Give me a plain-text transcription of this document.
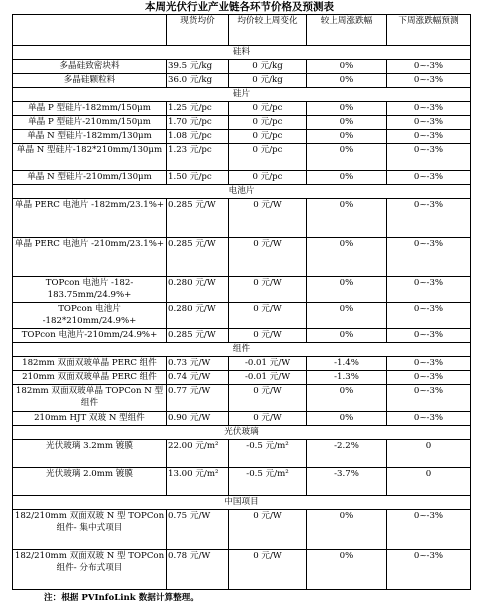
本周光伏行业产业链各环节价格及预测表
	现货均价	均价较上周变化	较上周涨跌幅	下周涨跌幅预测
硅料				
多晶硅致密块料	39.5 元/kg	0 元/kg	0%	0~-3%
多晶硅颗粒料	36.0 元/kg	0 元/kg	0%	0~-3%
硅片				
单晶 P 型硅片-182mm/150μm	1.25 元/pc	0 元/pc	0%	0~-3%
单晶 P 型硅片-210mm/150μm	1.70 元/pc	0 元/pc	0%	0~-3%
单晶 N 型硅片-182mm/130μm	1.08 元/pc	0 元/pc	0%	0~-3%
单晶 N 型硅片-182*210mm/130μm	1.23 元/pc	0 元/pc	0%	0~-3%
单晶 N 型硅片-210mm/130μm	1.50 元/pc	0 元/pc	0%	0~-3%
电池片				
单晶 PERC 电池片 -182mm/23.1%+	0.285 元/W	0 元/W	0%	0~-3%
单晶 PERC 电池片 -210mm/23.1%+	0.285 元/W	0 元/W	0%	0~-3%
TOPcon 电池片 -182-183.75mm/24.9%+	0.280 元/W	0 元/W	0%	0~-3%
TOPcon 电池片 -182*210mm/24.9%+	0.280 元/W	0 元/W	0%	0~-3%
TOPcon 电池片-210mm/24.9%+	0.285 元/W	0 元/W	0%	0~-3%
组件				
182mm 双面双玻单晶 PERC 组件	0.73 元/W	-0.01 元/W	-1.4%	0~-3%
210mm 双面双玻单晶 PERC 组件	0.74 元/W	-0.01 元/W	-1.3%	0~-3%
182mm 双面双玻单晶 TOPCon N 型组件	0.77 元/W	0 元/W	0%	0~-3%
210mm HJT 双玻 N 型组件	0.90 元/W	0 元/W	0%	0~-3%
光伏玻璃				
光伏玻璃 3.2mm 镀膜	22.00 元/m²	-0.5 元/m²	-2.2%	0
光伏玻璃 2.0mm 镀膜	13.00 元/m²	-0.5 元/m²	-3.7%	0
中国项目				
182/210mm 双面双玻 N 型 TOPCon 组件- 集中式项目	0.75 元/W	0 元/W	0%	0~-3%
182/210mm 双面双玻 N 型 TOPCon 组件- 分布式项目	0.78 元/W	0 元/W	0%	0~-3%
注：根据 PVInfoLink 数据计算整理。
